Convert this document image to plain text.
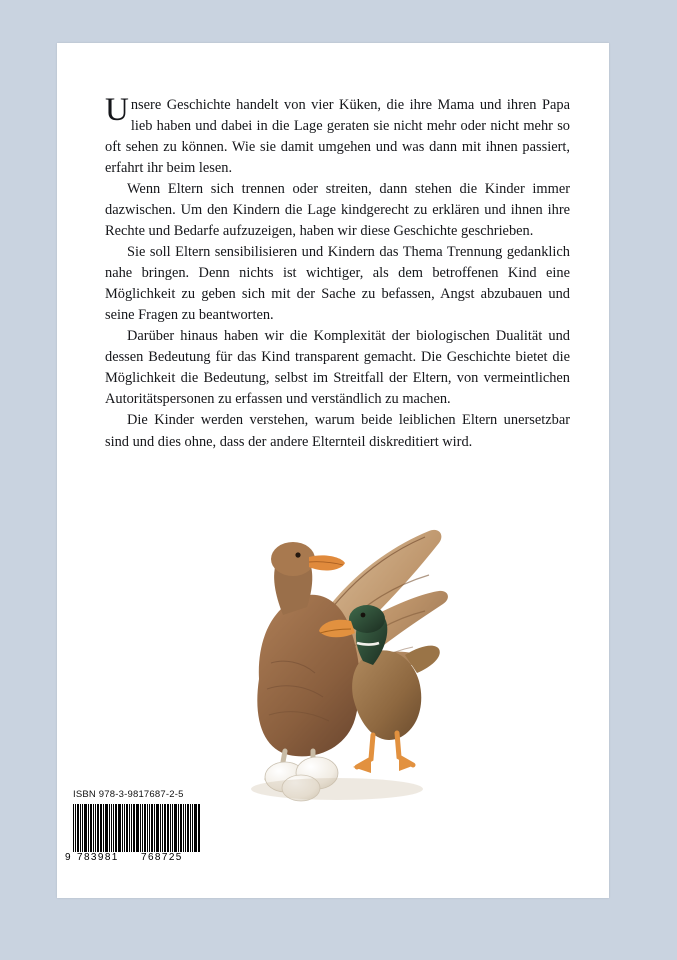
Unsere Geschichte handelt von vier Küken, die ihre Mama und ihren Papa lieb haben und dabei in die Lage geraten sie nicht mehr oder nicht mehr so oft sehen zu können. Wie sie damit umgehen und was dann mit ihnen passiert, erfahrt ihr beim lesen.

Wenn Eltern sich trennen oder streiten, dann stehen die Kinder immer dazwischen. Um den Kindern die Lage kindgerecht zu erklären und ihnen ihre Rechte und Bedarfe aufzuzeigen, haben wir diese Geschichte geschrieben.

Sie soll Eltern sensibilisieren und Kindern das Thema Trennung gedanklich nahe bringen. Denn nichts ist wichtiger, als dem betroffenen Kind eine Möglichkeit zu geben sich mit der Sache zu befassen, Angst abzubauen und seine Fragen zu beantworten.

Darüber hinaus haben wir die Komplexität der biologischen Dualität und dessen Bedeutung für das Kind transparent gemacht. Die Geschichte bietet die Möglichkeit die Bedeutung, selbst im Streitfall der Eltern, von vermeintlichen Autoritätspersonen zu erfassen und verständlich zu machen.

Die Kinder werden verstehen, warum beide leiblichen Eltern unersetzbar sind und dies ohne, dass der andere Elternteil diskreditiert wird.

ISBN 978-3-9817687-2-5
9 783981 768725
